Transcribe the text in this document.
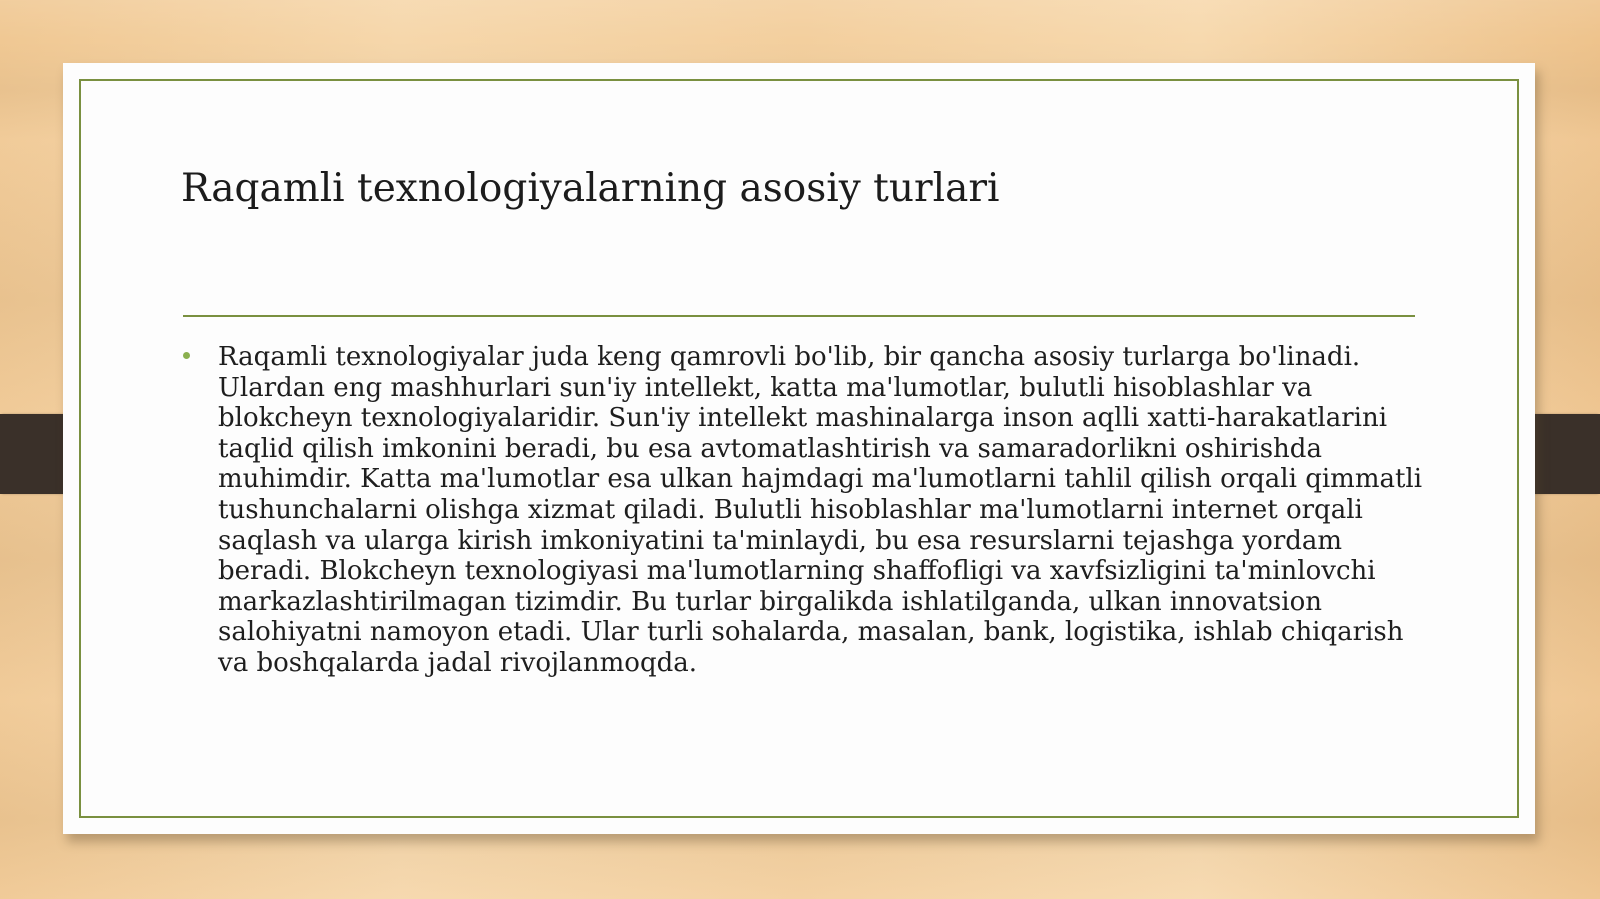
Raqamli texnologiyalarning asosiy turlari
Raqamli texnologiyalar juda keng qamrovli bo'lib, bir qancha asosiy turlarga bo'linadi. Ulardan eng mashhurlari sun'iy intellekt, katta ma'lumotlar, bulutli hisoblashlar va blokcheyn texnologiyalaridir. Sun'iy intellekt mashinalarga inson aqlli xatti-harakatlarini taqlid qilish imkonini beradi, bu esa avtomatlashtirish va samaradorlikni oshirishda muhimdir. Katta ma'lumotlar esa ulkan hajmdagi ma'lumotlarni tahlil qilish orqali qimmatli tushunchalarni olishga xizmat qiladi. Bulutli hisoblashlar ma'lumotlarni internet orqali saqlash va ularga kirish imkoniyatini ta'minlaydi, bu esa resurslarni tejashga yordam beradi. Blokcheyn texnologiyasi ma'lumotlarning shaffofligi va xavfsizligini ta'minlovchi markazlashtirilmagan tizimdir. Bu turlar birgalikda ishlatilganda, ulkan innovatsion salohiyatni namoyon etadi. Ular turli sohalarda, masalan, bank, logistika, ishlab chiqarish va boshqalarda jadal rivojlanmoqda.
